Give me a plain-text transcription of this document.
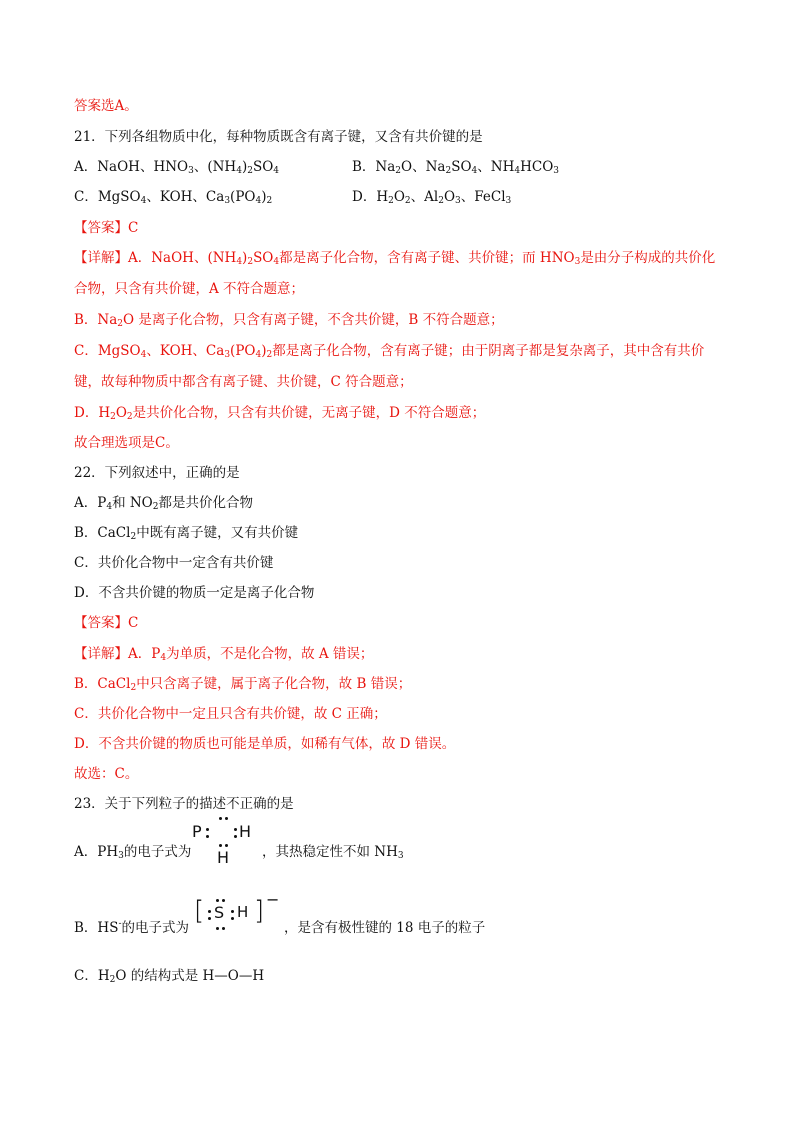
答案选A。
21．下列各组物质中化，每种物质既含有离子键，又含有共价键的是
A．NaOH、$HNO_3$、$(NH_4)_2SO_4$	B．$Na_2O$、$Na_2SO_4$、$NH_4HCO_3$
C．MgSO$_4$、KOH、$Ca_3(PO_4)_2$	D．$H_2O_2$、$Al_2O_3$、FeCl$_3$
【答案】C
【详解】A．NaOH、$(NH_4)_2SO_4$都是离子化合物，含有离子键、共价键；而 $HNO_3$是由分子构成的共价化
合物，只含有共价键，A 不符合题意；
B．$Na_2O$ 是离子化合物，只含有离子键，不含共价键，B 不符合题意；
C．MgSO$_4$、KOH、$Ca_3(PO_4)_2$都是离子化合物，含有离子键；由于阴离子都是复杂离子，其中含有共价
键，故每种物质中都含有离子键、共价键，C 符合题意；
D．$H_2O_2$是共价化合物，只含有共价键，无离子键，D 不符合题意；
故合理选项是C。
22．下列叙述中，正确的是
A．$P_4$和 $NO_2$都是共价化合物
B．CaCl$_2$中既有离子键，又有共价键
C．共价化合物中一定含有共价键
D．不含共价键的物质一定是离子化合物
【答案】C
【详解】A．$P_4$为单质，不是化合物，故 A 错误；
B．CaCl$_2$中只含离子键，属于离子化合物，故 B 错误；
C．共价化合物中一定且只含有共价键，故 C 正确；
D．不含共价键的物质也可能是单质，如稀有气体，故 D 错误。
故选：C。
23．关于下列粒子的描述不正确的是
A．$PH_3$的电子式为
P H
H ，其热稳定性不如 $NH_3$
B．HS-的电子式为
[ S H ] −
，是含有极性键的 18 电子的粒子
C．$H_2O$ 的结构式是 H—O—H
